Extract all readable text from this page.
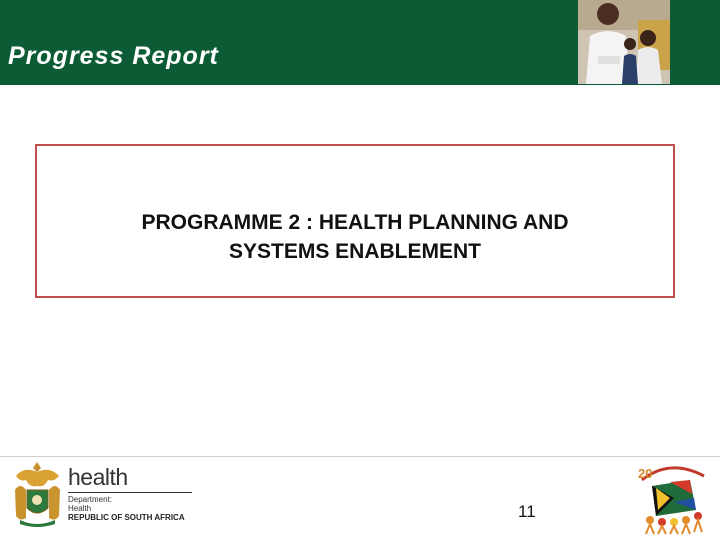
Progress Report
PROGRAMME 2 : HEALTH PLANNING AND
SYSTEMS ENABLEMENT
health
Department:
Health
REPUBLIC OF SOUTH AFRICA	11
20
